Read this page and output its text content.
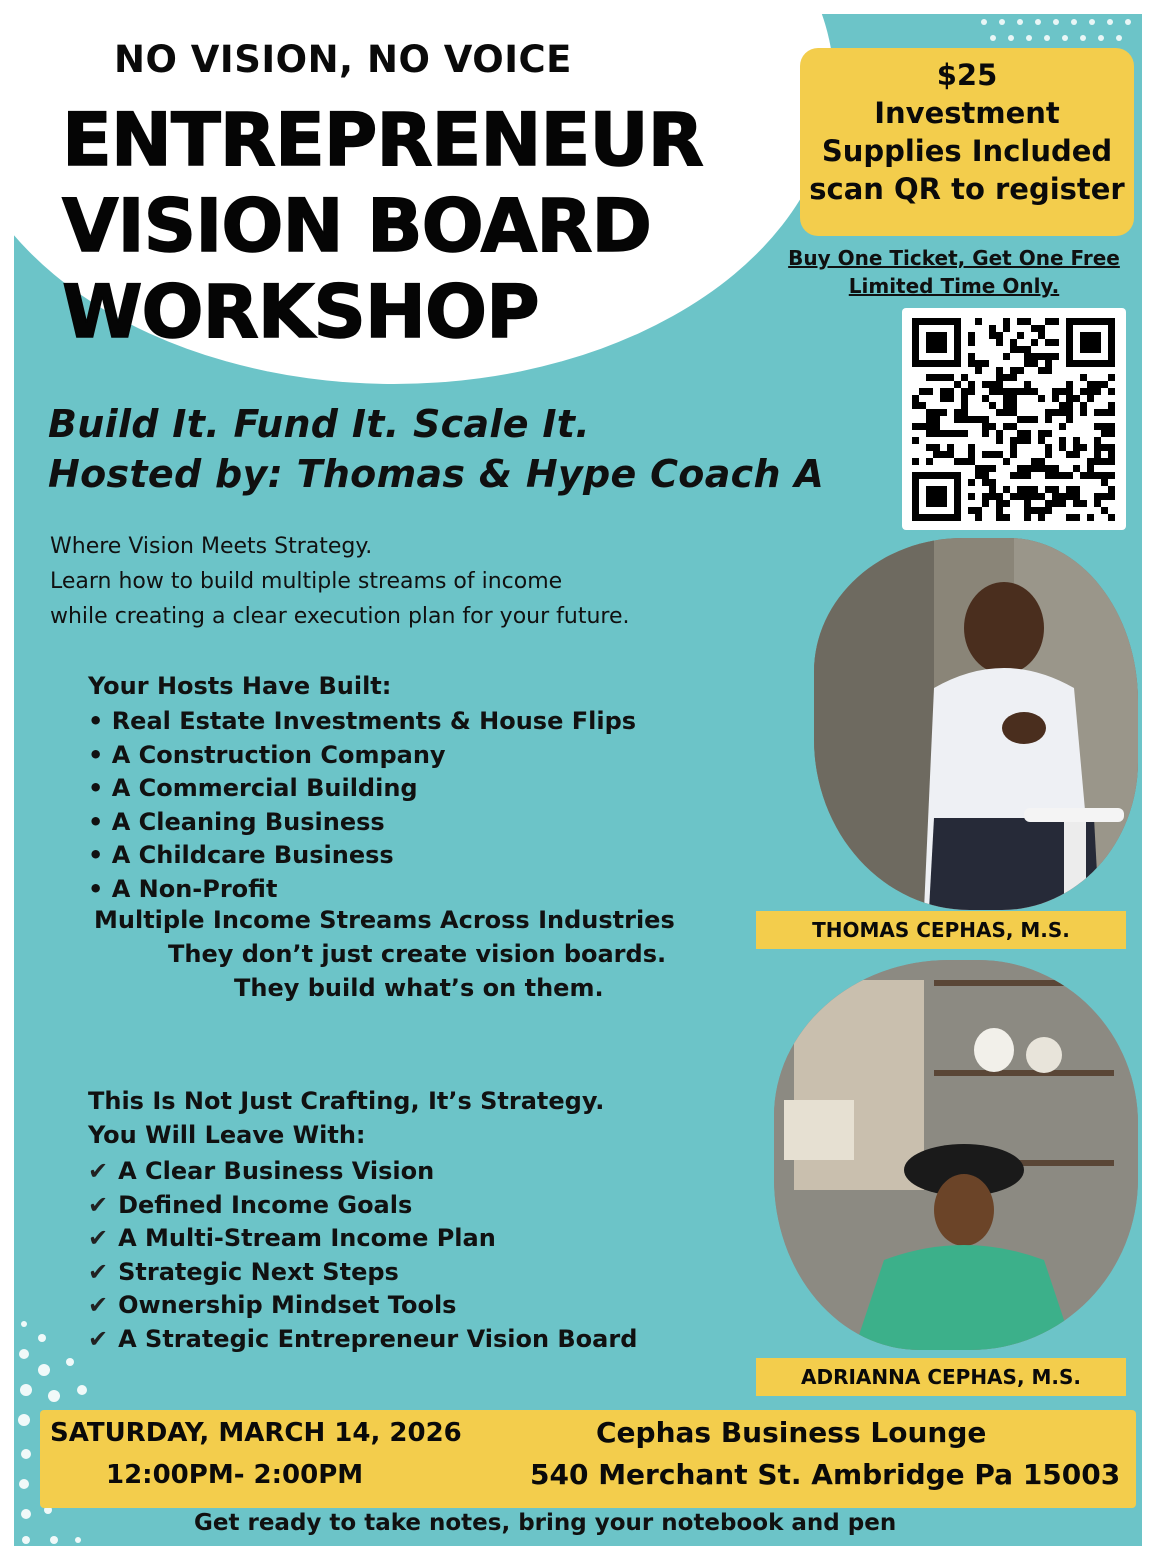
NO VISION, NO VOICE
ENTREPRENEUR
VISION BOARD
WORKSHOP
$25
Investment
Supplies Included
scan QR to register
Buy One Ticket, Get One Free
Limited Time Only.
Build It. Fund It. Scale It.
Hosted by: Thomas & Hype Coach A
Where Vision Meets Strategy.
Learn how to build multiple streams of income
while creating a clear execution plan for your future.
Your Hosts Have Built:
• Real Estate Investments & House Flips
• A Construction Company
• A Commercial Building
• A Cleaning Business
• A Childcare Business
• A Non-Profit
Multiple Income Streams Across Industries
They don’t just create vision boards.
They build what’s on them.
This Is Not Just Crafting, It’s Strategy.
You Will Leave With:
✔ A Clear Business Vision
✔ Defined Income Goals
✔ A Multi-Stream Income Plan
✔ Strategic Next Steps
✔ Ownership Mindset Tools
✔ A Strategic Entrepreneur Vision Board
THOMAS CEPHAS, M.S.
ADRIANNA CEPHAS, M.S.
SATURDAY, MARCH 14, 2026
12:00PM- 2:00PM
Cephas Business Lounge
540 Merchant St. Ambridge Pa 15003
Get ready to take notes, bring your notebook and pen
